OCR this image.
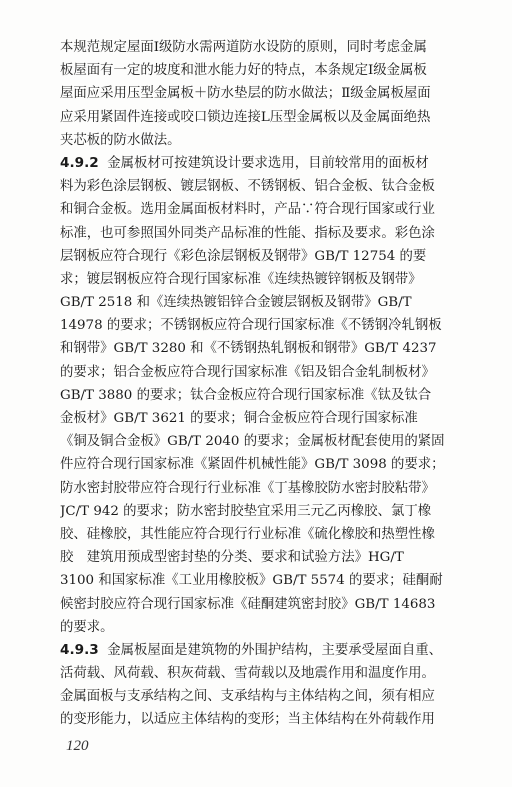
本规范规定屋面Ⅰ级防水需两道防水设防的原则，同时考虑金属
板屋面有一定的坡度和泄水能力好的特点，本条规定Ⅰ级金属板
屋面应采用压型金属板＋防水垫层的防水做法；Ⅱ级金属板屋面
应采用紧固件连接或咬口锁边连接L压型金属板以及金属面绝热
夹芯板的防水做法。
4.9.2 金属板材可按建筑设计要求选用，目前较常用的面板材
料为彩色涂层钢板、镀层钢板、不锈钢板、铝合金板、钛合金板
和铜合金板。选用金属面板材料时，产品∵符合现行国家或行业
标准，也可参照国外同类产品标准的性能、指标及要求。彩色涂
层钢板应符合现行《彩色涂层钢板及钢带》GB/T 12754 的要
求；镀层钢板应符合现行国家标准《连续热镀锌钢板及钢带》
GB/T 2518 和《连续热镀铝锌合金镀层钢板及钢带》GB/T
14978 的要求；不锈钢板应符合现行国家标准《不锈钢冷轧钢板
和钢带》GB/T 3280 和《不锈钢热轧钢板和钢带》GB/T 4237
的要求；铝合金板应符合现行国家标准《铝及铝合金轧制板材》
GB/T 3880 的要求；钛合金板应符合现行国家标准《钛及钛合
金板材》GB/T 3621 的要求；铜合金板应符合现行国家标准
《铜及铜合金板》GB/T 2040 的要求；金属板材配套使用的紧固
件应符合现行国家标准《紧固件机械性能》GB/T 3098 的要求；
防水密封胶带应符合现行行业标准《丁基橡胶防水密封胶粘带》
JC/T 942 的要求；防水密封胶垫宜采用三元乙丙橡胶、氯丁橡
胶、硅橡胶，其性能应符合现行行业标准《硫化橡胶和热塑性橡
胶　建筑用预成型密封垫的分类、要求和试验方法》HG/T
3100 和国家标准《工业用橡胶板》GB/T 5574 的要求；硅酮耐
候密封胶应符合现行国家标准《硅酮建筑密封胶》GB/T 14683
的要求。
4.9.3 金属板屋面是建筑物的外围护结构，主要承受屋面自重、
活荷载、风荷载、积灰荷载、雪荷载以及地震作用和温度作用。
金属面板与支承结构之间、支承结构与主体结构之间，须有相应
的变形能力，以适应主体结构的变形；当主体结构在外荷载作用
120
